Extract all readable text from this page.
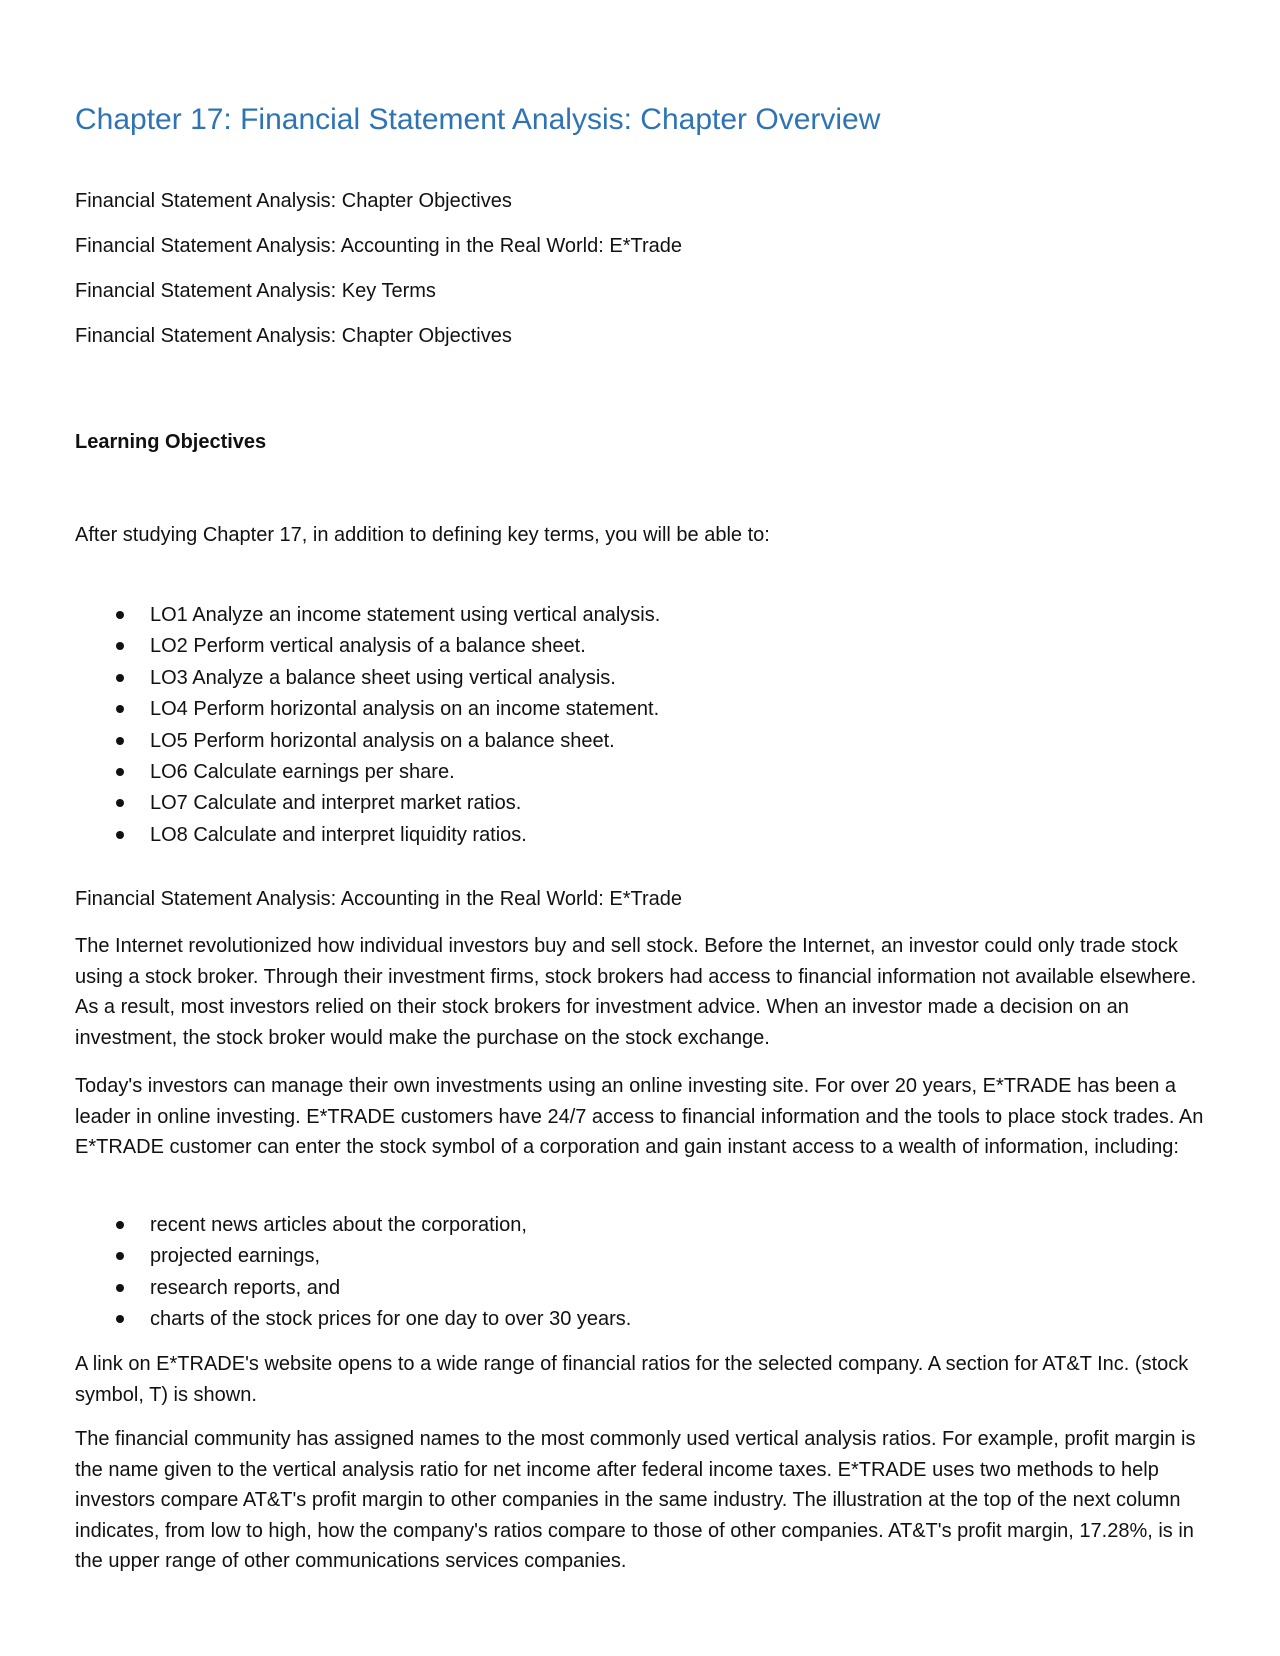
Chapter 17: Financial Statement Analysis: Chapter Overview

Financial Statement Analysis: Chapter Objectives

Financial Statement Analysis: Accounting in the Real World: E*Trade

Financial Statement Analysis: Key Terms

Financial Statement Analysis: Chapter Objectives

Learning Objectives

After studying Chapter 17, in addition to defining key terms, you will be able to:

LO1 Analyze an income statement using vertical analysis.
LO2 Perform vertical analysis of a balance sheet.
LO3 Analyze a balance sheet using vertical analysis.
LO4 Perform horizontal analysis on an income statement.
LO5 Perform horizontal analysis on a balance sheet.
LO6 Calculate earnings per share.
LO7 Calculate and interpret market ratios.
LO8 Calculate and interpret liquidity ratios.

Financial Statement Analysis: Accounting in the Real World: E*Trade

The Internet revolutionized how individual investors buy and sell stock. Before the Internet, an investor could only trade stock using a stock broker. Through their investment firms, stock brokers had access to financial information not available elsewhere. As a result, most investors relied on their stock brokers for investment advice. When an investor made a decision on an investment, the stock broker would make the purchase on the stock exchange.

Today's investors can manage their own investments using an online investing site. For over 20 years, E*TRADE has been a leader in online investing. E*TRADE customers have 24/7 access to financial information and the tools to place stock trades. An E*TRADE customer can enter the stock symbol of a corporation and gain instant access to a wealth of information, including:

recent news articles about the corporation,
projected earnings,
research reports, and
charts of the stock prices for one day to over 30 years.

A link on E*TRADE's website opens to a wide range of financial ratios for the selected company. A section for AT&T Inc. (stock symbol, T) is shown.

The financial community has assigned names to the most commonly used vertical analysis ratios. For example, profit margin is the name given to the vertical analysis ratio for net income after federal income taxes. E*TRADE uses two methods to help investors compare AT&T's profit margin to other companies in the same industry. The illustration at the top of the next column indicates, from low to high, how the company's ratios compare to those of other companies. AT&T's profit margin, 17.28%, is in the upper range of other communications services companies.
